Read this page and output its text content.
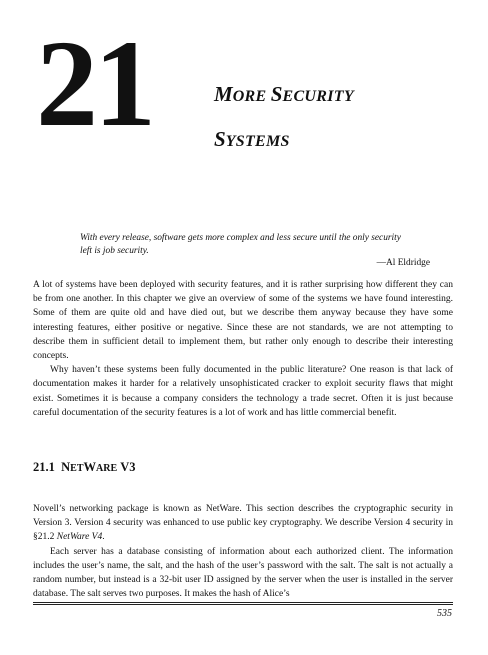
21	MORE SECURITY
SYSTEMS
With every release, software gets more complex and less secure until the only security left is job security.
—Al Eldridge

A lot of systems have been deployed with security features, and it is rather surprising how different they can be from one another. In this chapter we give an overview of some of the systems we have found interesting. Some of them are quite old and have died out, but we describe them anyway because they have some interesting features, either positive or negative. Since these are not standards, we are not attempting to describe them in sufficient detail to implement them, but rather only enough to describe their interesting concepts.

Why haven’t these systems been fully documented in the public literature? One reason is that lack of documentation makes it harder for a relatively unsophisticated cracker to exploit security flaws that might exist. Sometimes it is because a company considers the technology a trade secret. Often it is just because careful documentation of the security features is a lot of work and has little commercial benefit.

21.1 NETWARE V3

Novell’s networking package is known as NetWare. This section describes the cryptographic security in Version 3. Version 4 security was enhanced to use public key cryptography. We describe Version 4 security in §21.2 NetWare V4.

Each server has a database consisting of information about each authorized client. The information includes the user’s name, the salt, and the hash of the user’s password with the salt. The salt is not actually a random number, but instead is a 32-bit user ID assigned by the server when the user is installed in the server database. The salt serves two purposes. It makes the hash of Alice’s

535
